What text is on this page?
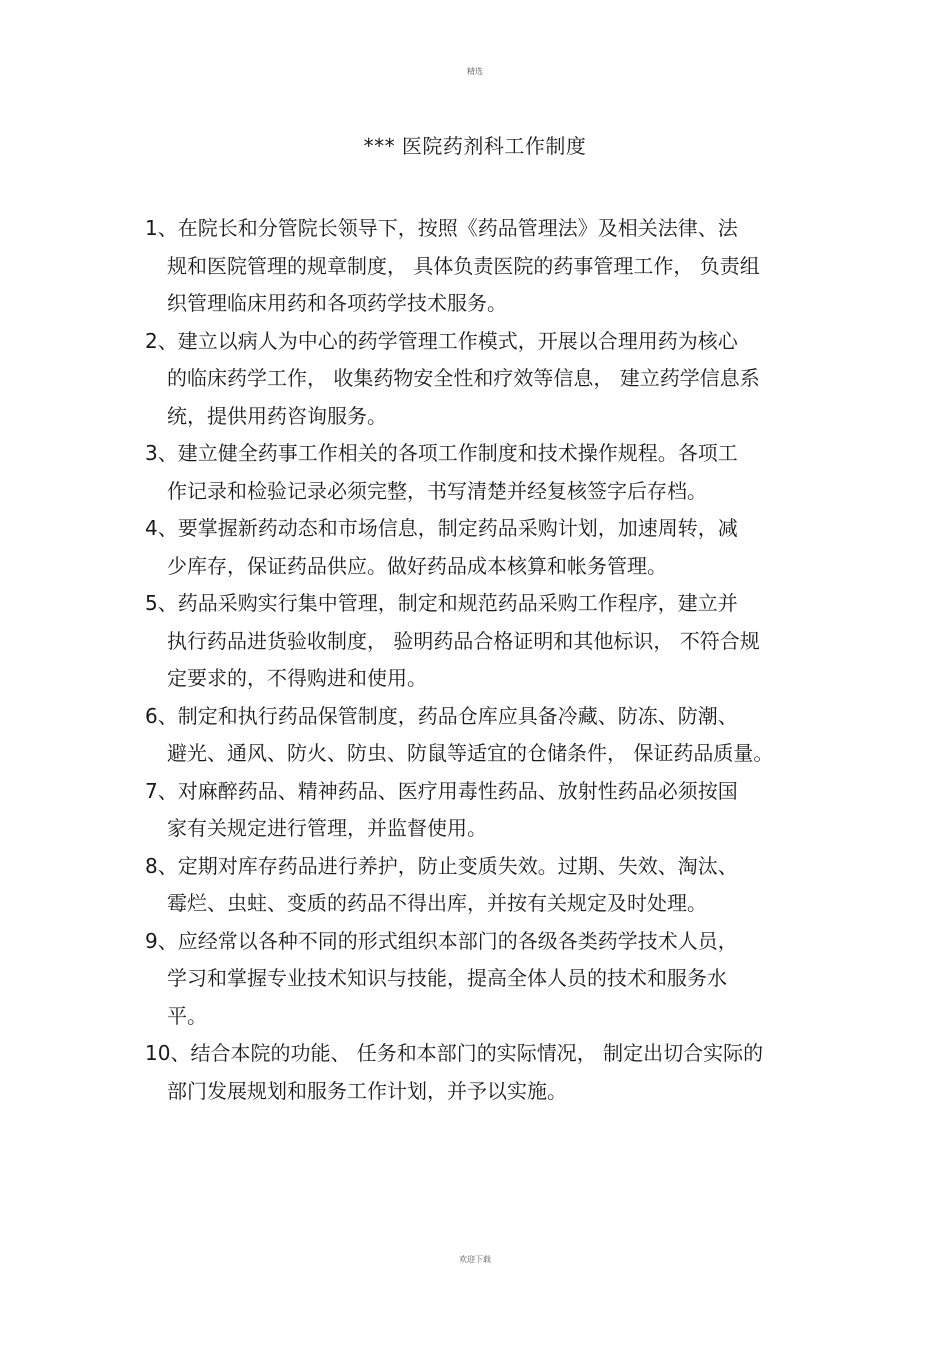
精选
*** 医院药剂科工作制度
1、在院长和分管院长领导下，按照《药品管理法》及相关法律、法
规和医院管理的规章制度， 具体负责医院的药事管理工作， 负责组
织管理临床用药和各项药学技术服务。
2、建立以病人为中心的药学管理工作模式，开展以合理用药为核心
的临床药学工作， 收集药物安全性和疗效等信息， 建立药学信息系
统，提供用药咨询服务。
3、建立健全药事工作相关的各项工作制度和技术操作规程。各项工
作记录和检验记录必须完整，书写清楚并经复核签字后存档。
4、要掌握新药动态和市场信息，制定药品采购计划，加速周转，减
少库存，保证药品供应。做好药品成本核算和帐务管理。
5、药品采购实行集中管理，制定和规范药品采购工作程序，建立并
执行药品进货验收制度， 验明药品合格证明和其他标识， 不符合规
定要求的，不得购进和使用。
6、制定和执行药品保管制度，药品仓库应具备冷藏、防冻、防潮、
避光、通风、防火、防虫、防鼠等适宜的仓储条件， 保证药品质量。
7、对麻醉药品、精神药品、医疗用毒性药品、放射性药品必须按国
家有关规定进行管理，并监督使用。
8、定期对库存药品进行养护，防止变质失效。过期、失效、淘汰、
霉烂、虫蛀、变质的药品不得出库，并按有关规定及时处理。
9、应经常以各种不同的形式组织本部门的各级各类药学技术人员，
学习和掌握专业技术知识与技能，提高全体人员的技术和服务水
平。
10、结合本院的功能、 任务和本部门的实际情况， 制定出切合实际的
部门发展规划和服务工作计划，并予以实施。
欢迎下载
